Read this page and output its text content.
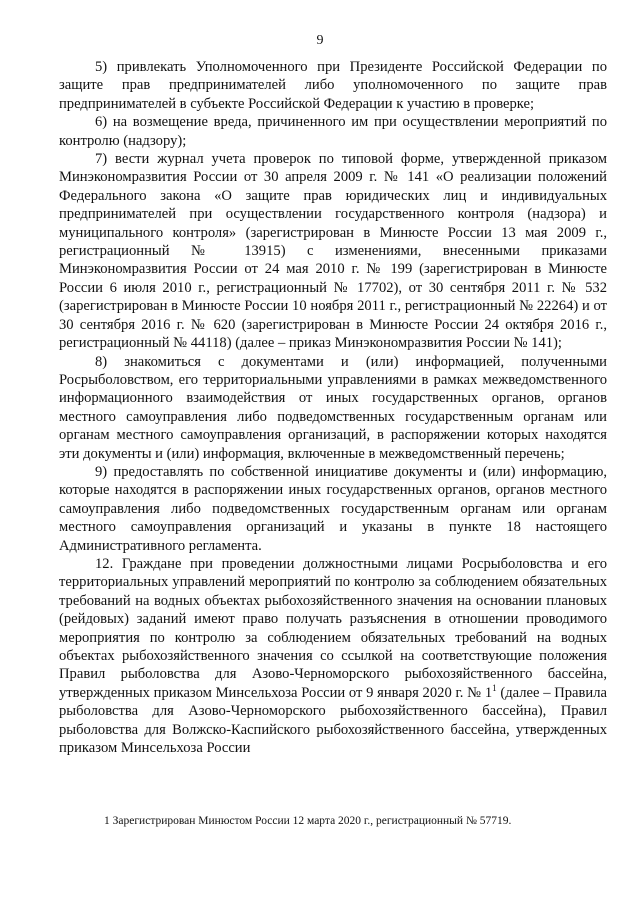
9

5) привлекать Уполномоченного при Президенте Российской Федерации по защите прав предпринимателей либо уполномоченного по защите прав предпринимателей в субъекте Российской Федерации к участию в проверке;

6) на возмещение вреда, причиненного им при осуществлении мероприятий по контролю (надзору);

7) вести журнал учета проверок по типовой форме, утвержденной приказом Минэкономразвития России от 30 апреля 2009 г. № 141 «О реализации положений Федерального закона «О защите прав юридических лиц и индивидуальных предпринимателей при осуществлении государственного контроля (надзора) и муниципального контроля» (зарегистрирован в Минюсте России 13 мая 2009 г., регистрационный № 13915) с изменениями, внесенными приказами Минэкономразвития России от 24 мая 2010 г. № 199 (зарегистрирован в Минюсте России 6 июля 2010 г., регистрационный № 17702), от 30 сентября 2011 г. № 532 (зарегистрирован в Минюсте России 10 ноября 2011 г., регистрационный № 22264) и от 30 сентября 2016 г. № 620 (зарегистрирован в Минюсте России 24 октября 2016 г., регистрационный № 44118) (далее – приказ Минэкономразвития России № 141);

8) знакомиться с документами и (или) информацией, полученными Росрыболовством, его территориальными управлениями в рамках межведомственного информационного взаимодействия от иных государственных органов, органов местного самоуправления либо подведомственных государственным органам или органам местного самоуправления организаций, в распоряжении которых находятся эти документы и (или) информация, включенные в межведомственный перечень;

9) предоставлять по собственной инициативе документы и (или) информацию, которые находятся в распоряжении иных государственных органов, органов местного самоуправления либо подведомственных государственным органам или органам местного самоуправления организаций и указаны в пункте 18 настоящего Административного регламента.

12. Граждане при проведении должностными лицами Росрыболовства и его территориальных управлений мероприятий по контролю за соблюдением обязательных требований на водных объектах рыбохозяйственного значения на основании плановых (рейдовых) заданий имеют право получать разъяснения в отношении проводимого мероприятия по контролю за соблюдением обязательных требований на водных объектах рыбохозяйственного значения со ссылкой на соответствующие положения Правил рыболовства для Азово-Черноморского рыбохозяйственного бассейна, утвержденных приказом Минсельхоза России от 9 января 2020 г. № $1^1$ (далее – Правила рыболовства для Азово-Черноморского рыбохозяйственного бассейна), Правил рыболовства для Волжско-Каспийского рыбохозяйственного бассейна, утвержденных приказом Минсельхоза России

1 Зарегистрирован Минюстом России 12 марта 2020 г., регистрационный № 57719.
